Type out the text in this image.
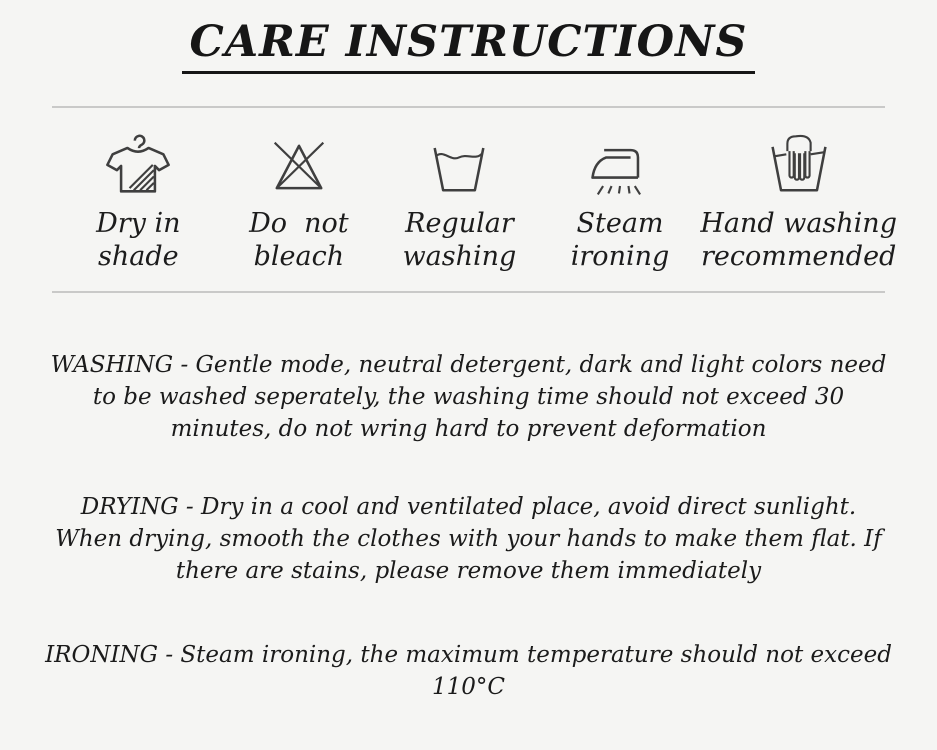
CARE INSTRUCTIONS
Dry in
shade
Do  not
bleach
Regular
washing
Steam
ironing
Hand washing
recommended

WASHING - Gentle mode, neutral detergent, dark and light colors need to be washed seperately, the washing time should not exceed 30 minutes, do not wring hard to prevent deformation

DRYING - Dry in a cool and ventilated place, avoid direct sunlight. When drying, smooth the clothes with your hands to make them flat. If there are stains, please remove them immediately

IRONING - Steam ironing, the maximum temperature should not exceed 110°C
